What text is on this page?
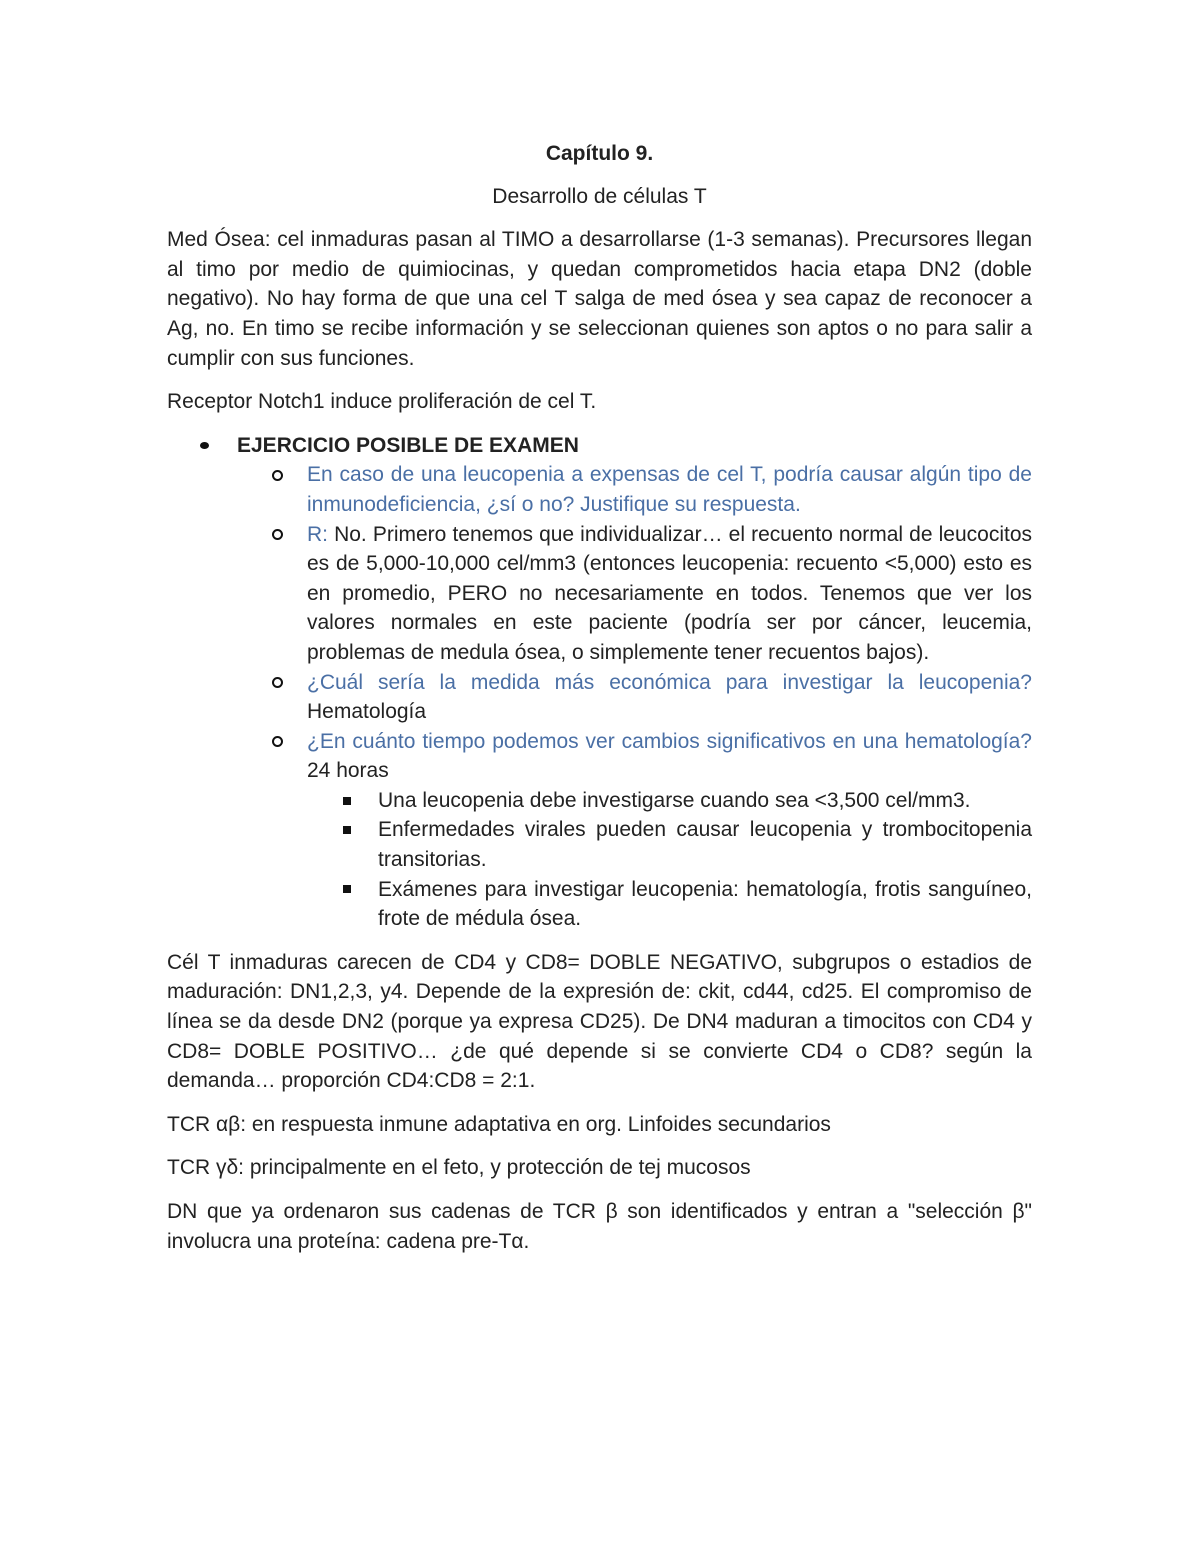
Capítulo 9.

Desarrollo de células T

Med Ósea: cel inmaduras pasan al TIMO a desarrollarse (1-3 semanas). Precursores llegan al timo por medio de quimiocinas, y quedan comprometidos hacia etapa DN2 (doble negativo). No hay forma de que una cel T salga de med ósea y sea capaz de reconocer a Ag, no. En timo se recibe información y se seleccionan quienes son aptos o no para salir a cumplir con sus funciones.

Receptor Notch1 induce proliferación de cel T.

EJERCICIO POSIBLE DE EXAMEN
En caso de una leucopenia a expensas de cel T, podría causar algún tipo de inmunodeficiencia, ¿sí o no? Justifique su respuesta.
R: No. Primero tenemos que individualizar… el recuento normal de leucocitos es de 5,000-10,000 cel/mm3 (entonces leucopenia: recuento <5,000) esto es en promedio, PERO no necesariamente en todos. Tenemos que ver los valores normales en este paciente (podría ser por cáncer, leucemia, problemas de medula ósea, o simplemente tener recuentos bajos).
¿Cuál sería la medida más económica para investigar la leucopenia? Hematología
¿En cuánto tiempo podemos ver cambios significativos en una hematología? 24 horas
Una leucopenia debe investigarse cuando sea <3,500 cel/mm3.
Enfermedades virales pueden causar leucopenia y trombocitopenia transitorias.
Exámenes para investigar leucopenia: hematología, frotis sanguíneo, frote de médula ósea.

Cél T inmaduras carecen de CD4 y CD8= DOBLE NEGATIVO, subgrupos o estadios de maduración: DN1,2,3, y4. Depende de la expresión de: ckit, cd44, cd25. El compromiso de línea se da desde DN2 (porque ya expresa CD25). De DN4 maduran a timocitos con CD4 y CD8= DOBLE POSITIVO… ¿de qué depende si se convierte CD4 o CD8? según la demanda… proporción CD4:CD8 = 2:1.

TCR αβ: en respuesta inmune adaptativa en org. Linfoides secundarios

TCR γδ: principalmente en el feto, y protección de tej mucosos

DN que ya ordenaron sus cadenas de TCR β son identificados y entran a "selección β" involucra una proteína: cadena pre-Tα.
